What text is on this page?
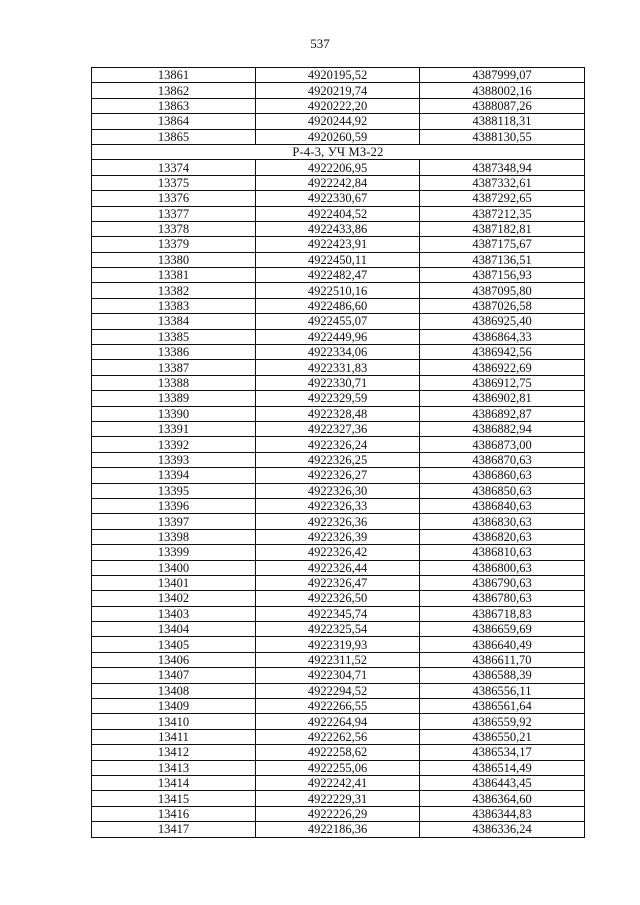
537
13861	4920195,52	4387999,07
13862	4920219,74	4388002,16
13863	4920222,20	4388087,26
13864	4920244,92	4388118,31
13865	4920260,59	4388130,55
Р-4-3, УЧ МЗ-22		
13374	4922206,95	4387348,94
13375	4922242,84	4387332,61
13376	4922330,67	4387292,65
13377	4922404,52	4387212,35
13378	4922433,86	4387182,81
13379	4922423,91	4387175,67
13380	4922450,11	4387136,51
13381	4922482,47	4387156,93
13382	4922510,16	4387095,80
13383	4922486,60	4387026,58
13384	4922455,07	4386925,40
13385	4922449,96	4386864,33
13386	4922334,06	4386942,56
13387	4922331,83	4386922,69
13388	4922330,71	4386912,75
13389	4922329,59	4386902,81
13390	4922328,48	4386892,87
13391	4922327,36	4386882,94
13392	4922326,24	4386873,00
13393	4922326,25	4386870,63
13394	4922326,27	4386860,63
13395	4922326,30	4386850,63
13396	4922326,33	4386840,63
13397	4922326,36	4386830,63
13398	4922326,39	4386820,63
13399	4922326,42	4386810,63
13400	4922326,44	4386800,63
13401	4922326,47	4386790,63
13402	4922326,50	4386780,63
13403	4922345,74	4386718,83
13404	4922325,54	4386659,69
13405	4922319,93	4386640,49
13406	4922311,52	4386611,70
13407	4922304,71	4386588,39
13408	4922294,52	4386556,11
13409	4922266,55	4386561,64
13410	4922264,94	4386559,92
13411	4922262,56	4386550,21
13412	4922258,62	4386534,17
13413	4922255,06	4386514,49
13414	4922242,41	4386443,45
13415	4922229,31	4386364,60
13416	4922226,29	4386344,83
13417	4922186,36	4386336,24
